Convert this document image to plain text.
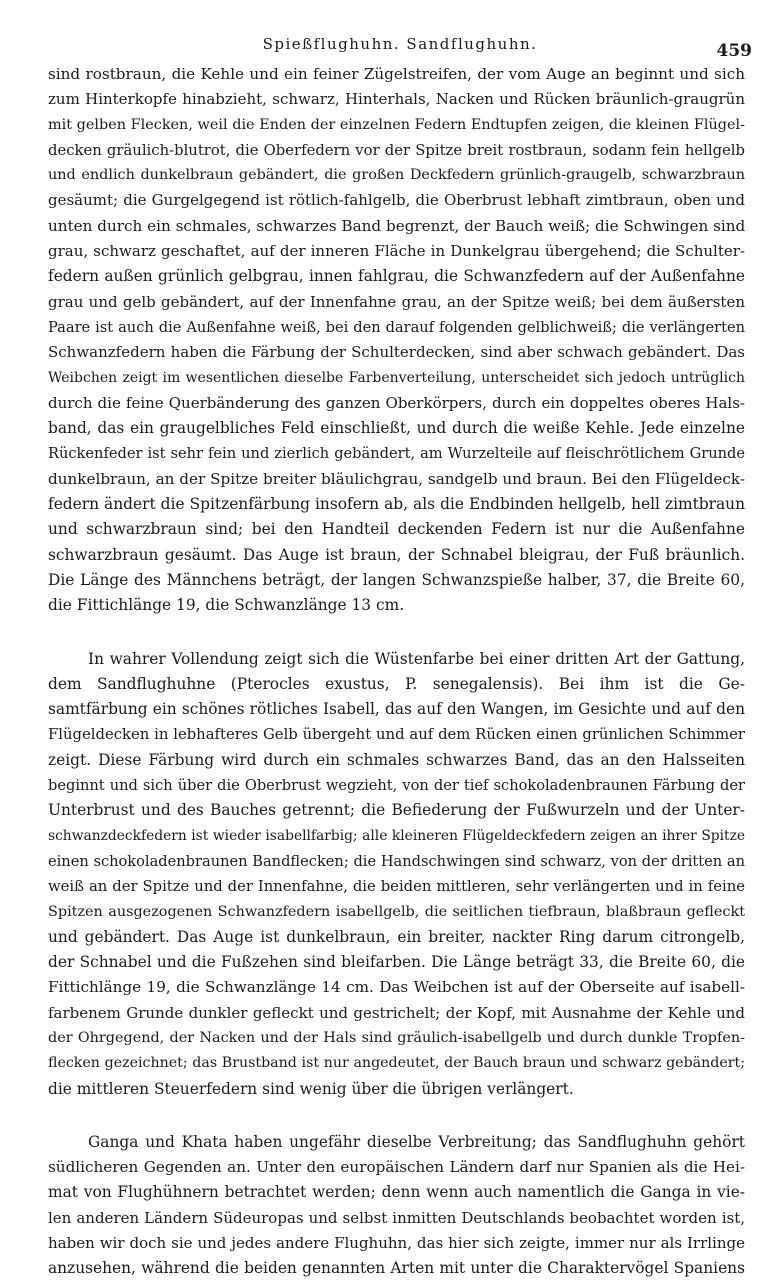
Spießflughuhn. Sandflughuhn.	459
sind rostbraun, die Kehle und ein feiner Zügelstreifen, der vom Auge an beginnt und sich
zum Hinterkopfe hinabzieht, schwarz, Hinterhals, Nacken und Rücken bräunlich-graugrün
mit gelben Flecken, weil die Enden der einzelnen Federn Endtupfen zeigen, die kleinen Flügel-
decken gräulich-blutrot, die Oberfedern vor der Spitze breit rostbraun, sodann fein hellgelb
und endlich dunkelbraun gebändert, die großen Deckfedern grünlich-graugelb, schwarzbraun
gesäumt; die Gurgelgegend ist rötlich-fahlgelb, die Oberbrust lebhaft zimtbraun, oben und
unten durch ein schmales, schwarzes Band begrenzt, der Bauch weiß; die Schwingen sind
grau, schwarz geschaftet, auf der inneren Fläche in Dunkelgrau übergehend; die Schulter-
federn außen grünlich gelbgrau, innen fahlgrau, die Schwanzfedern auf der Außenfahne
grau und gelb gebändert, auf der Innenfahne grau, an der Spitze weiß; bei dem äußersten
Paare ist auch die Außenfahne weiß, bei den darauf folgenden gelblichweiß; die verlängerten
Schwanzfedern haben die Färbung der Schulterdecken, sind aber schwach gebändert. Das
Weibchen zeigt im wesentlichen dieselbe Farbenverteilung, unterscheidet sich jedoch untrüglich
durch die feine Querbänderung des ganzen Oberkörpers, durch ein doppeltes oberes Hals-
band, das ein graugelbliches Feld einschließt, und durch die weiße Kehle. Jede einzelne
Rückenfeder ist sehr fein und zierlich gebändert, am Wurzelteile auf fleischrötlichem Grunde
dunkelbraun, an der Spitze breiter bläulichgrau, sandgelb und braun. Bei den Flügeldeck-
federn ändert die Spitzenfärbung insofern ab, als die Endbinden hellgelb, hell zimtbraun
und schwarzbraun sind; bei den Handteil deckenden Federn ist nur die Außenfahne
schwarzbraun gesäumt. Das Auge ist braun, der Schnabel bleigrau, der Fuß bräunlich.
Die Länge des Männchens beträgt, der langen Schwanzspieße halber, 37, die Breite 60,
die Fittichlänge 19, die Schwanzlänge 13 cm.
In wahrer Vollendung zeigt sich die Wüstenfarbe bei einer dritten Art der Gattung,
dem Sandflughuhne (Pterocles exustus, P. senegalensis). Bei ihm ist die Ge-
samtfärbung ein schönes rötliches Isabell, das auf den Wangen, im Gesichte und auf den
Flügeldecken in lebhafteres Gelb übergeht und auf dem Rücken einen grünlichen Schimmer
zeigt. Diese Färbung wird durch ein schmales schwarzes Band, das an den Halsseiten
beginnt und sich über die Oberbrust wegzieht, von der tief schokoladenbraunen Färbung der
Unterbrust und des Bauches getrennt; die Befiederung der Fußwurzeln und der Unter-
schwanzdeckfedern ist wieder isabellfarbig; alle kleineren Flügeldeckfedern zeigen an ihrer Spitze
einen schokoladenbraunen Bandflecken; die Handschwingen sind schwarz, von der dritten an
weiß an der Spitze und der Innenfahne, die beiden mittleren, sehr verlängerten und in feine
Spitzen ausgezogenen Schwanzfedern isabellgelb, die seitlichen tiefbraun, blaßbraun gefleckt
und gebändert. Das Auge ist dunkelbraun, ein breiter, nackter Ring darum citrongelb,
der Schnabel und die Fußzehen sind bleifarben. Die Länge beträgt 33, die Breite 60, die
Fittichlänge 19, die Schwanzlänge 14 cm. Das Weibchen ist auf der Oberseite auf isabell-
farbenem Grunde dunkler gefleckt und gestrichelt; der Kopf, mit Ausnahme der Kehle und
der Ohrgegend, der Nacken und der Hals sind gräulich-isabellgelb und durch dunkle Tropfen-
flecken gezeichnet; das Brustband ist nur angedeutet, der Bauch braun und schwarz gebändert;
die mittleren Steuerfedern sind wenig über die übrigen verlängert.
Ganga und Khata haben ungefähr dieselbe Verbreitung; das Sandflughuhn gehört
südlicheren Gegenden an. Unter den europäischen Ländern darf nur Spanien als die Hei-
mat von Flughühnern betrachtet werden; denn wenn auch namentlich die Ganga in vie-
len anderen Ländern Südeuropas und selbst inmitten Deutschlands beobachtet worden ist,
haben wir doch sie und jedes andere Flughuhn, das hier sich zeigte, immer nur als Irrlinge
anzusehen, während die beiden genannten Arten mit unter die Charaktervögel Spaniens
